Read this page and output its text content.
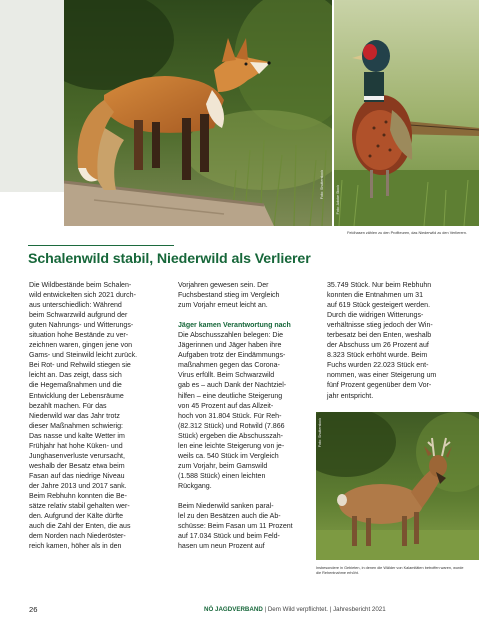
Foto: Adobe Stock
Feldhasen zählen zu den Profiteuren, das Niederwild zu den Verlierern.
Schalenwild stabil, Niederwild als Verlierer
Die Wildbestände beim Schalen-
wild entwickelten sich 2021 durch-
aus unterschiedlich: Während
beim Schwarzwild aufgrund der
guten Nahrungs- und Witterungs-
situation hohe Bestände zu ver-
zeichnen waren, gingen jene von
Gams- und Steinwild leicht zurück.
Bei Rot- und Rehwild stiegen sie
leicht an. Das zeigt, dass sich
die Hegemaßnahmen und die
Entwicklung der Lebensräume
bezahlt machen. Für das
Niederwild war das Jahr trotz
dieser Maßnahmen schwierig:
Das nasse und kalte Wetter im
Frühjahr hat hohe Küken- und
Junghasenverluste verursacht,
weshalb der Besatz etwa beim
Fasan auf das niedrige Niveau
der Jahre 2013 und 2017 sank.
Beim Rebhuhn konnten die Be-
sätze relativ stabil gehalten wer-
den. Aufgrund der Kälte dürfte
auch die Zahl der Enten, die aus
dem Norden nach Niederöster-
reich kamen, höher als in den
Vorjahren gewesen sein. Der
Fuchsbestand stieg im Vergleich
zum Vorjahr erneut leicht an.
Jäger kamen Verantwortung nach
Die Abschusszahlen belegen: Die
Jägerinnen und Jäger haben ihre
Aufgaben trotz der Eindämmungs-
maßnahmen gegen das Corona-
Virus erfüllt. Beim Schwarzwild
gab es – auch Dank der Nachtziel-
hilfen – eine deutliche Steigerung
von 45 Prozent auf das Allzeit-
hoch von 31.804 Stück. Für Reh-
(82.312 Stück) und Rotwild (7.866
Stück) ergeben die Abschusszah-
len eine leichte Steigerung von je-
weils ca. 540 Stück im Vergleich
zum Vorjahr, beim Gamswild
(1.588 Stück) einen leichten
Rückgang.
Beim Niederwild sanken paral-
lel zu den Besätzen auch die Ab-
schüsse: Beim Fasan um 11 Prozent
auf 17.034 Stück und beim Feld-
hasen um neun Prozent auf
35.749 Stück. Nur beim Rebhuhn
konnten die Entnahmen um 31
auf 619 Stück gesteigert werden.
Durch die widrigen Witterungs-
verhältnisse stieg jedoch der Win-
terbesatz bei den Enten, weshalb
der Abschuss um 26 Prozent auf
8.323 Stück erhöht wurde. Beim
Fuchs wurden 22.023 Stück ent-
nommen, was einer Steigerung um
fünf Prozent gegenüber dem Vor-
jahr entspricht.
Foto: Shutterstock
Insbesondere in Gebieten, in denen die Wälder von Kalamitäten betroffen waren, wurde die Rehentnahme erhöht.
Foto: Shutterstock
26	NÖ JAGDVERBAND | Dem Wild verpflichtet. | Jahresbericht 2021
